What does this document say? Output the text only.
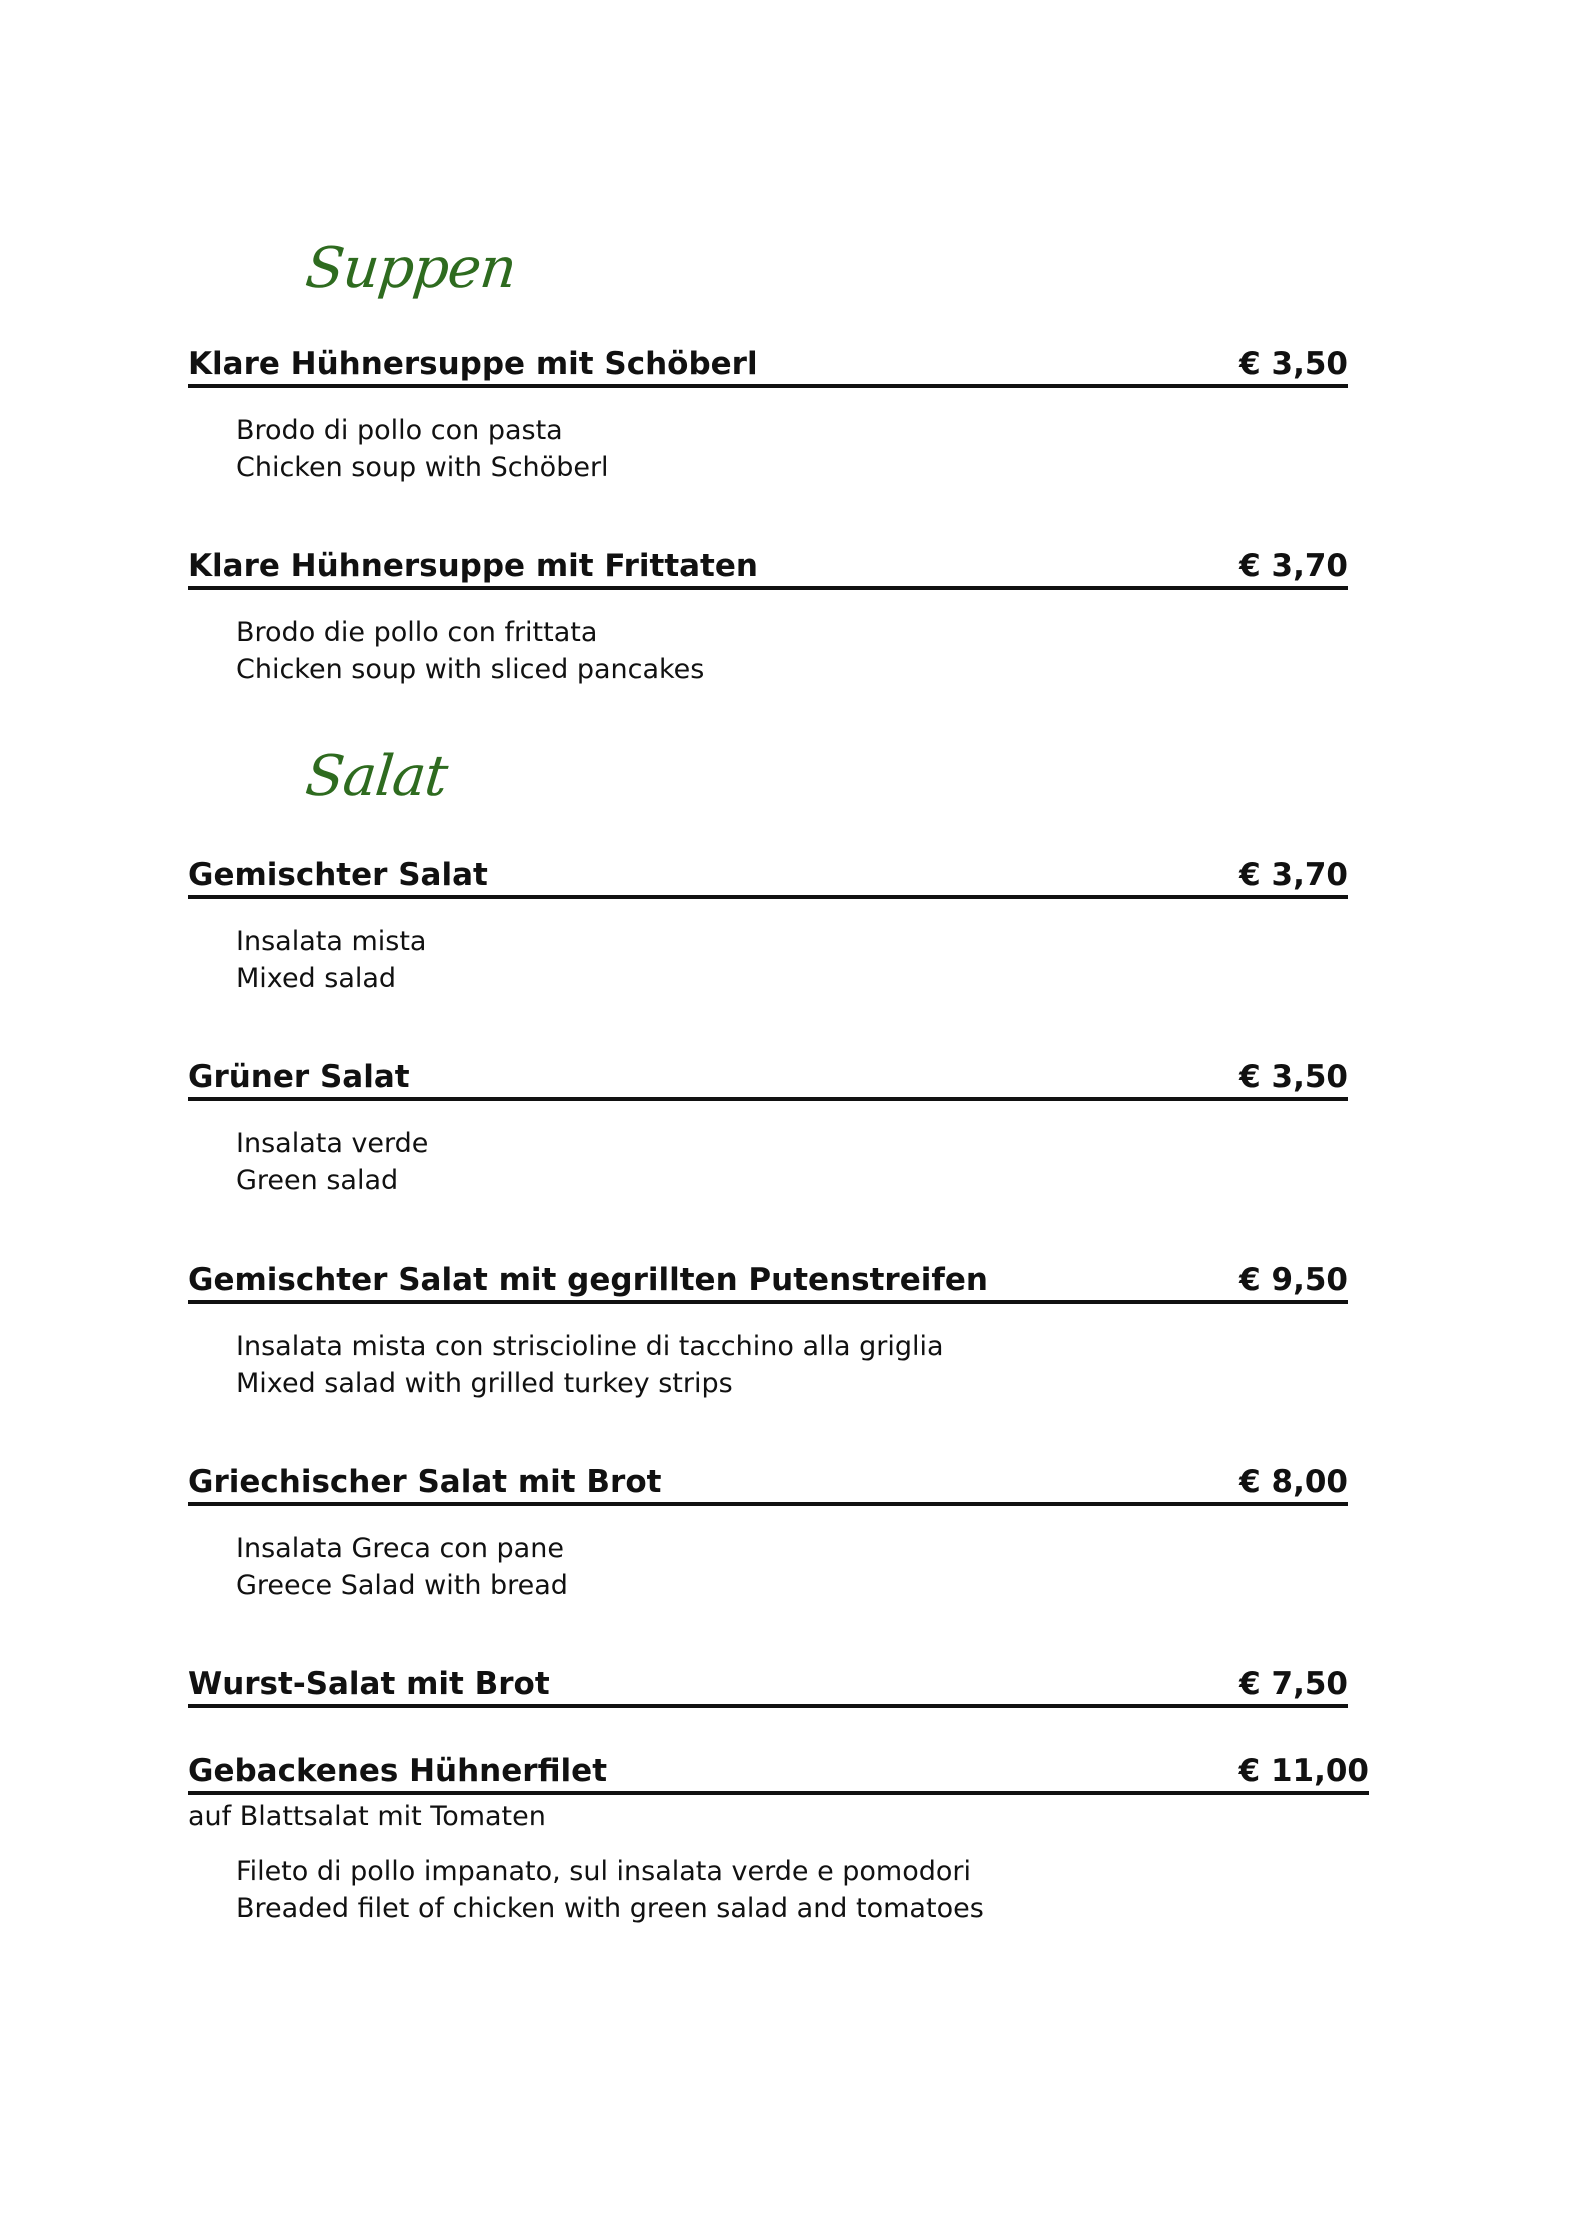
Suppen
Klare Hühnersuppe mit Schöberl	€ 3,50
Brodo di pollo con pasta
Chicken soup with Schöberl
Klare Hühnersuppe mit Frittaten	€ 3,70
Brodo die pollo con frittata
Chicken soup with sliced pancakes
Salat
Gemischter Salat	€ 3,70
Insalata mista
Mixed salad
Grüner Salat	€ 3,50
Insalata verde
Green salad
Gemischter Salat mit gegrillten Putenstreifen	€ 9,50
Insalata mista con striscioline di tacchino alla griglia
Mixed salad with grilled turkey strips
Griechischer Salat mit Brot	€ 8,00
Insalata Greca con pane
Greece Salad with bread
Wurst-Salat mit Brot	€ 7,50
Gebackenes Hühnerfilet	€ 11,00
auf Blattsalat mit Tomaten
Fileto di pollo impanato, sul insalata verde e pomodori
Breaded filet of chicken with green salad and tomatoes
